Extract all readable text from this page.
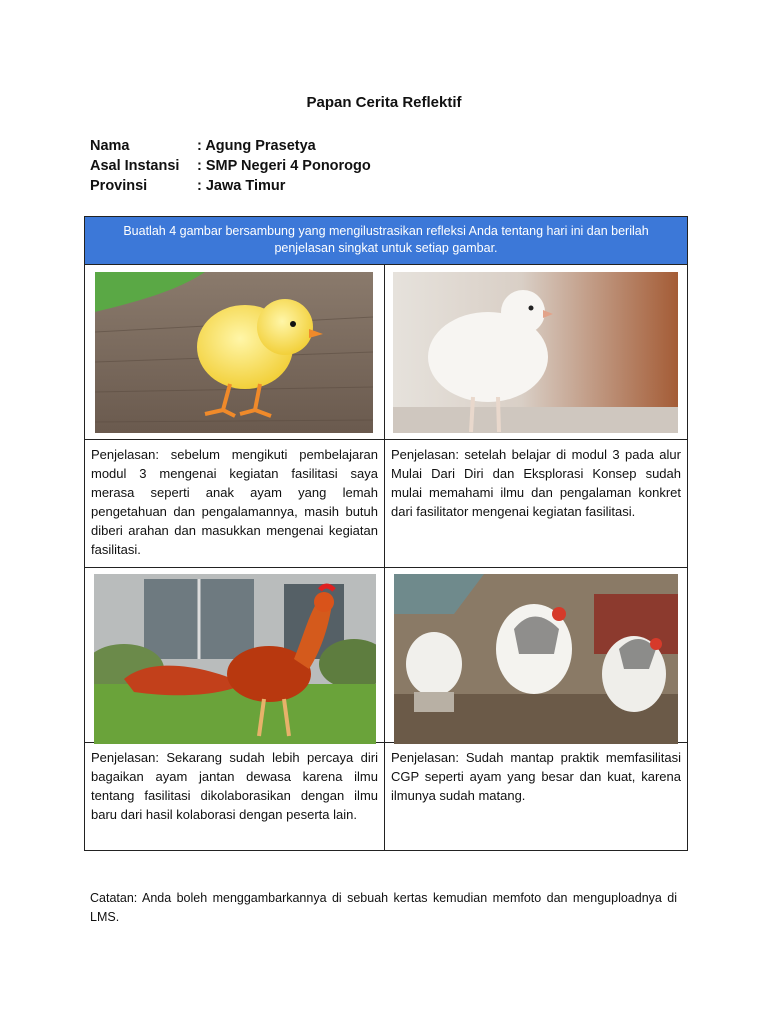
Papan Cerita Reflektif
Nama	: Agung Prasetya
Asal Instansi	: SMP Negeri 4 Ponorogo
Provinsi	: Jawa Timur
Buatlah 4 gambar bersambung yang mengilustrasikan refleksi Anda tentang hari ini dan berilah penjelasan singkat untuk setiap gambar.	

Penjelasan: sebelum mengikuti pembelajaran modul 3 mengenai kegiatan fasilitasi saya merasa seperti anak ayam yang lemah pengetahuan dan pengalamannya, masih butuh diberi arahan dan masukkan mengenai kegiatan fasilitasi.	Penjelasan: setelah belajar di modul 3 pada alur Mulai Dari Diri dan Eksplorasi Konsep sudah mulai memahami ilmu dan pengalaman konkret dari fasilitator mengenai kegiatan fasilitasi.

Penjelasan: Sekarang sudah lebih percaya diri bagaikan ayam jantan dewasa karena ilmu tentang fasilitasi dikolaborasikan dengan ilmu baru dari hasil kolaborasi dengan peserta lain.	Penjelasan: Sudah mantap praktik memfasilitasi CGP seperti ayam yang besar dan kuat, karena ilmunya sudah matang.
Catatan: Anda boleh menggambarkannya di sebuah kertas kemudian memfoto dan menguploadnya di LMS.
